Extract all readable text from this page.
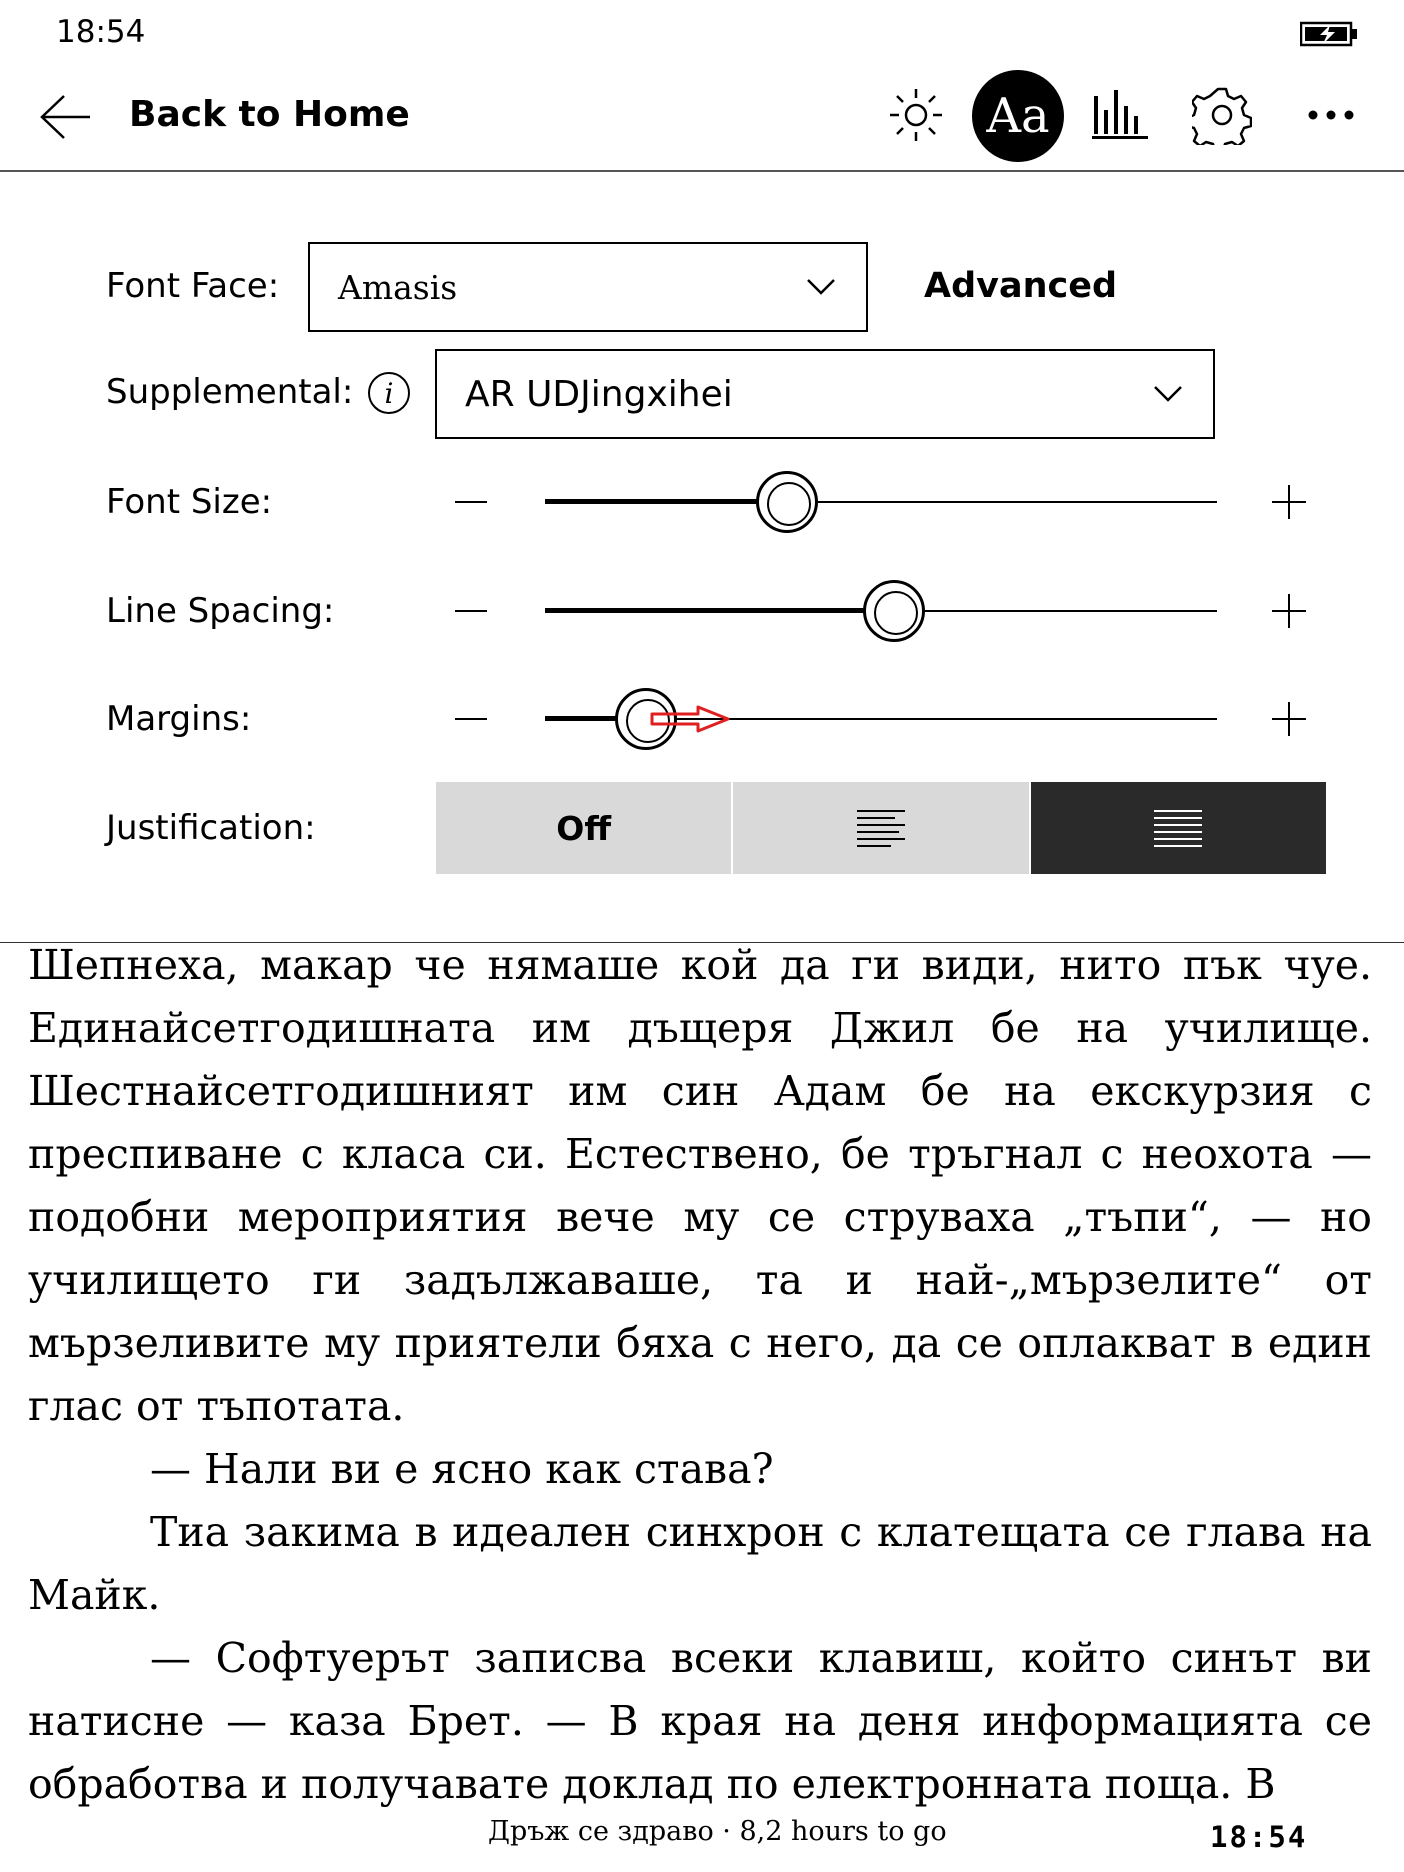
18:54
Back to Home	Aa
Font Face:	Amasis	Advanced
Supplemental:	i	AR UDJingxihei
Font Size:
Line Spacing:
Margins:
Justification:	Off

Шепнеха, макар че нямаше кой да ги види, нито пък чуе. Единайсетгодишната им дъщеря Джил бе на училище. Шестнайсетгодишният им син Адам бе на екскурзия с преспиване с класа си. Естествено, бе тръгнал с неохота — подобни мероприятия вече му се струваха „тъпи“, — но училището ги задължаваше, та и най-„мързелите“ от мързеливите му приятели бяха с него, да се оплакват в един глас от тъпотата.

— Нали ви е ясно как става?

Тиа закима в идеален синхрон с клатещата се глава на Майк.

— Софтуерът записва всеки клавиш, който синът ви натисне — каза Брет. — В края на деня информацията се обработва и получавате доклад по електронната поща. В

Дръж се здраво · 8,2 hours to go	18:54
